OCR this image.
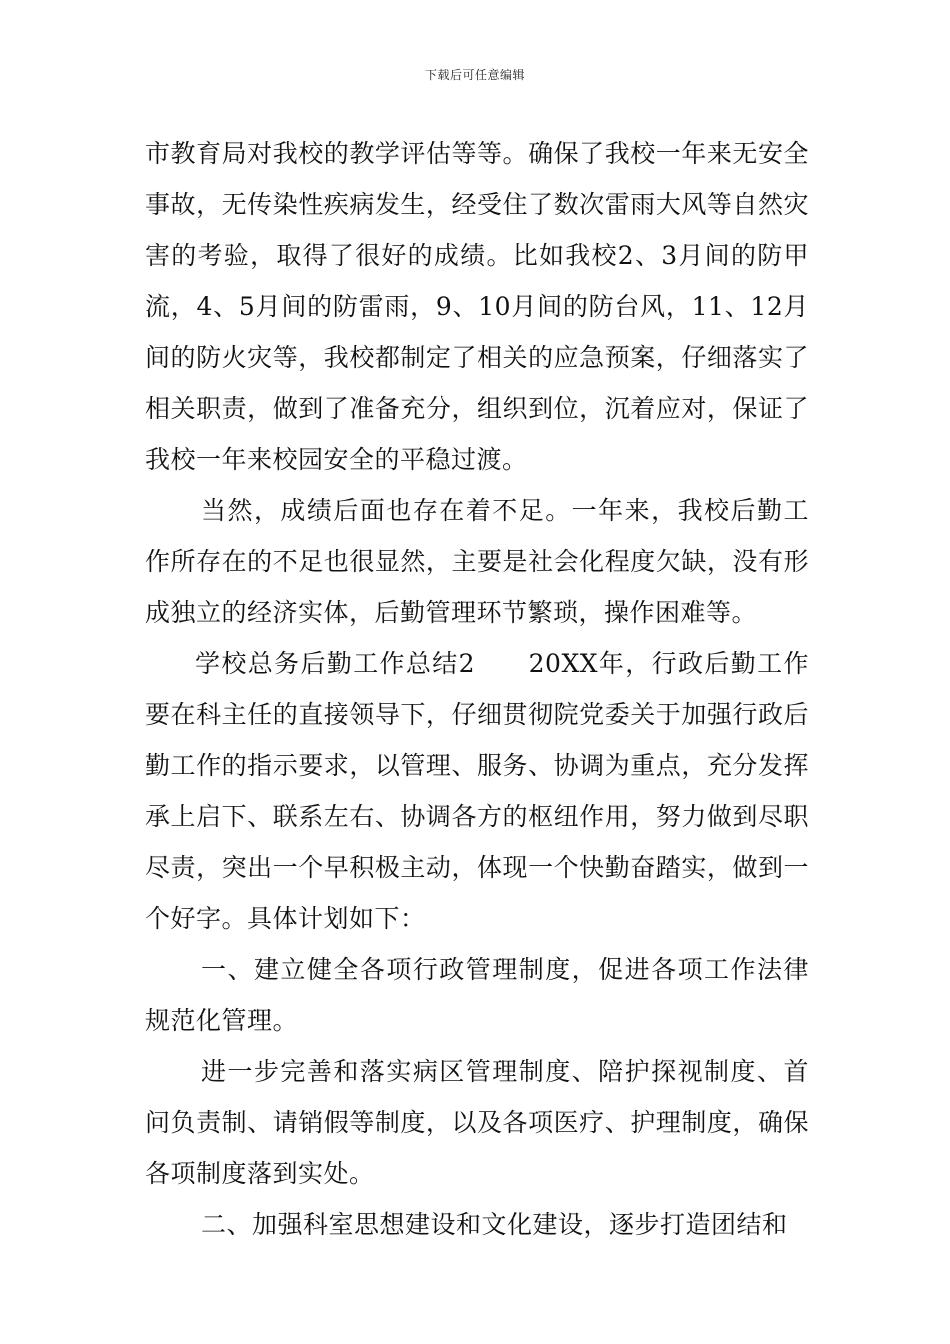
下载后可任意编辑

市教育局对我校的教学评估等等。确保了我校一年来无安全事故，无传染性疾病发生，经受住了数次雷雨大风等自然灾害的考验，取得了很好的成绩。比如我校2、3月间的防甲流，4、5月间的防雷雨，9、10月间的防台风，11、12月间的防火灾等，我校都制定了相关的应急预案，仔细落实了相关职责，做到了准备充分，组织到位，沉着应对，保证了我校一年来校园安全的平稳过渡。

当然，成绩后面也存在着不足。一年来，我校后勤工作所存在的不足也很显然，主要是社会化程度欠缺，没有形成独立的经济实体，后勤管理环节繁琐，操作困难等。

学校总务后勤工作总结2　　20XX年，行政后勤工作要在科主任的直接领导下，仔细贯彻院党委关于加强行政后勤工作的指示要求，以管理、服务、协调为重点，充分发挥承上启下、联系左右、协调各方的枢纽作用，努力做到尽职尽责，突出一个早积极主动，体现一个快勤奋踏实，做到一个好字。具体计划如下：

一、建立健全各项行政管理制度，促进各项工作法律规范化管理。

进一步完善和落实病区管理制度、陪护探视制度、首问负责制、请销假等制度，以及各项医疗、护理制度，确保各项制度落到实处。

二、加强科室思想建设和文化建设，逐步打造团结和
